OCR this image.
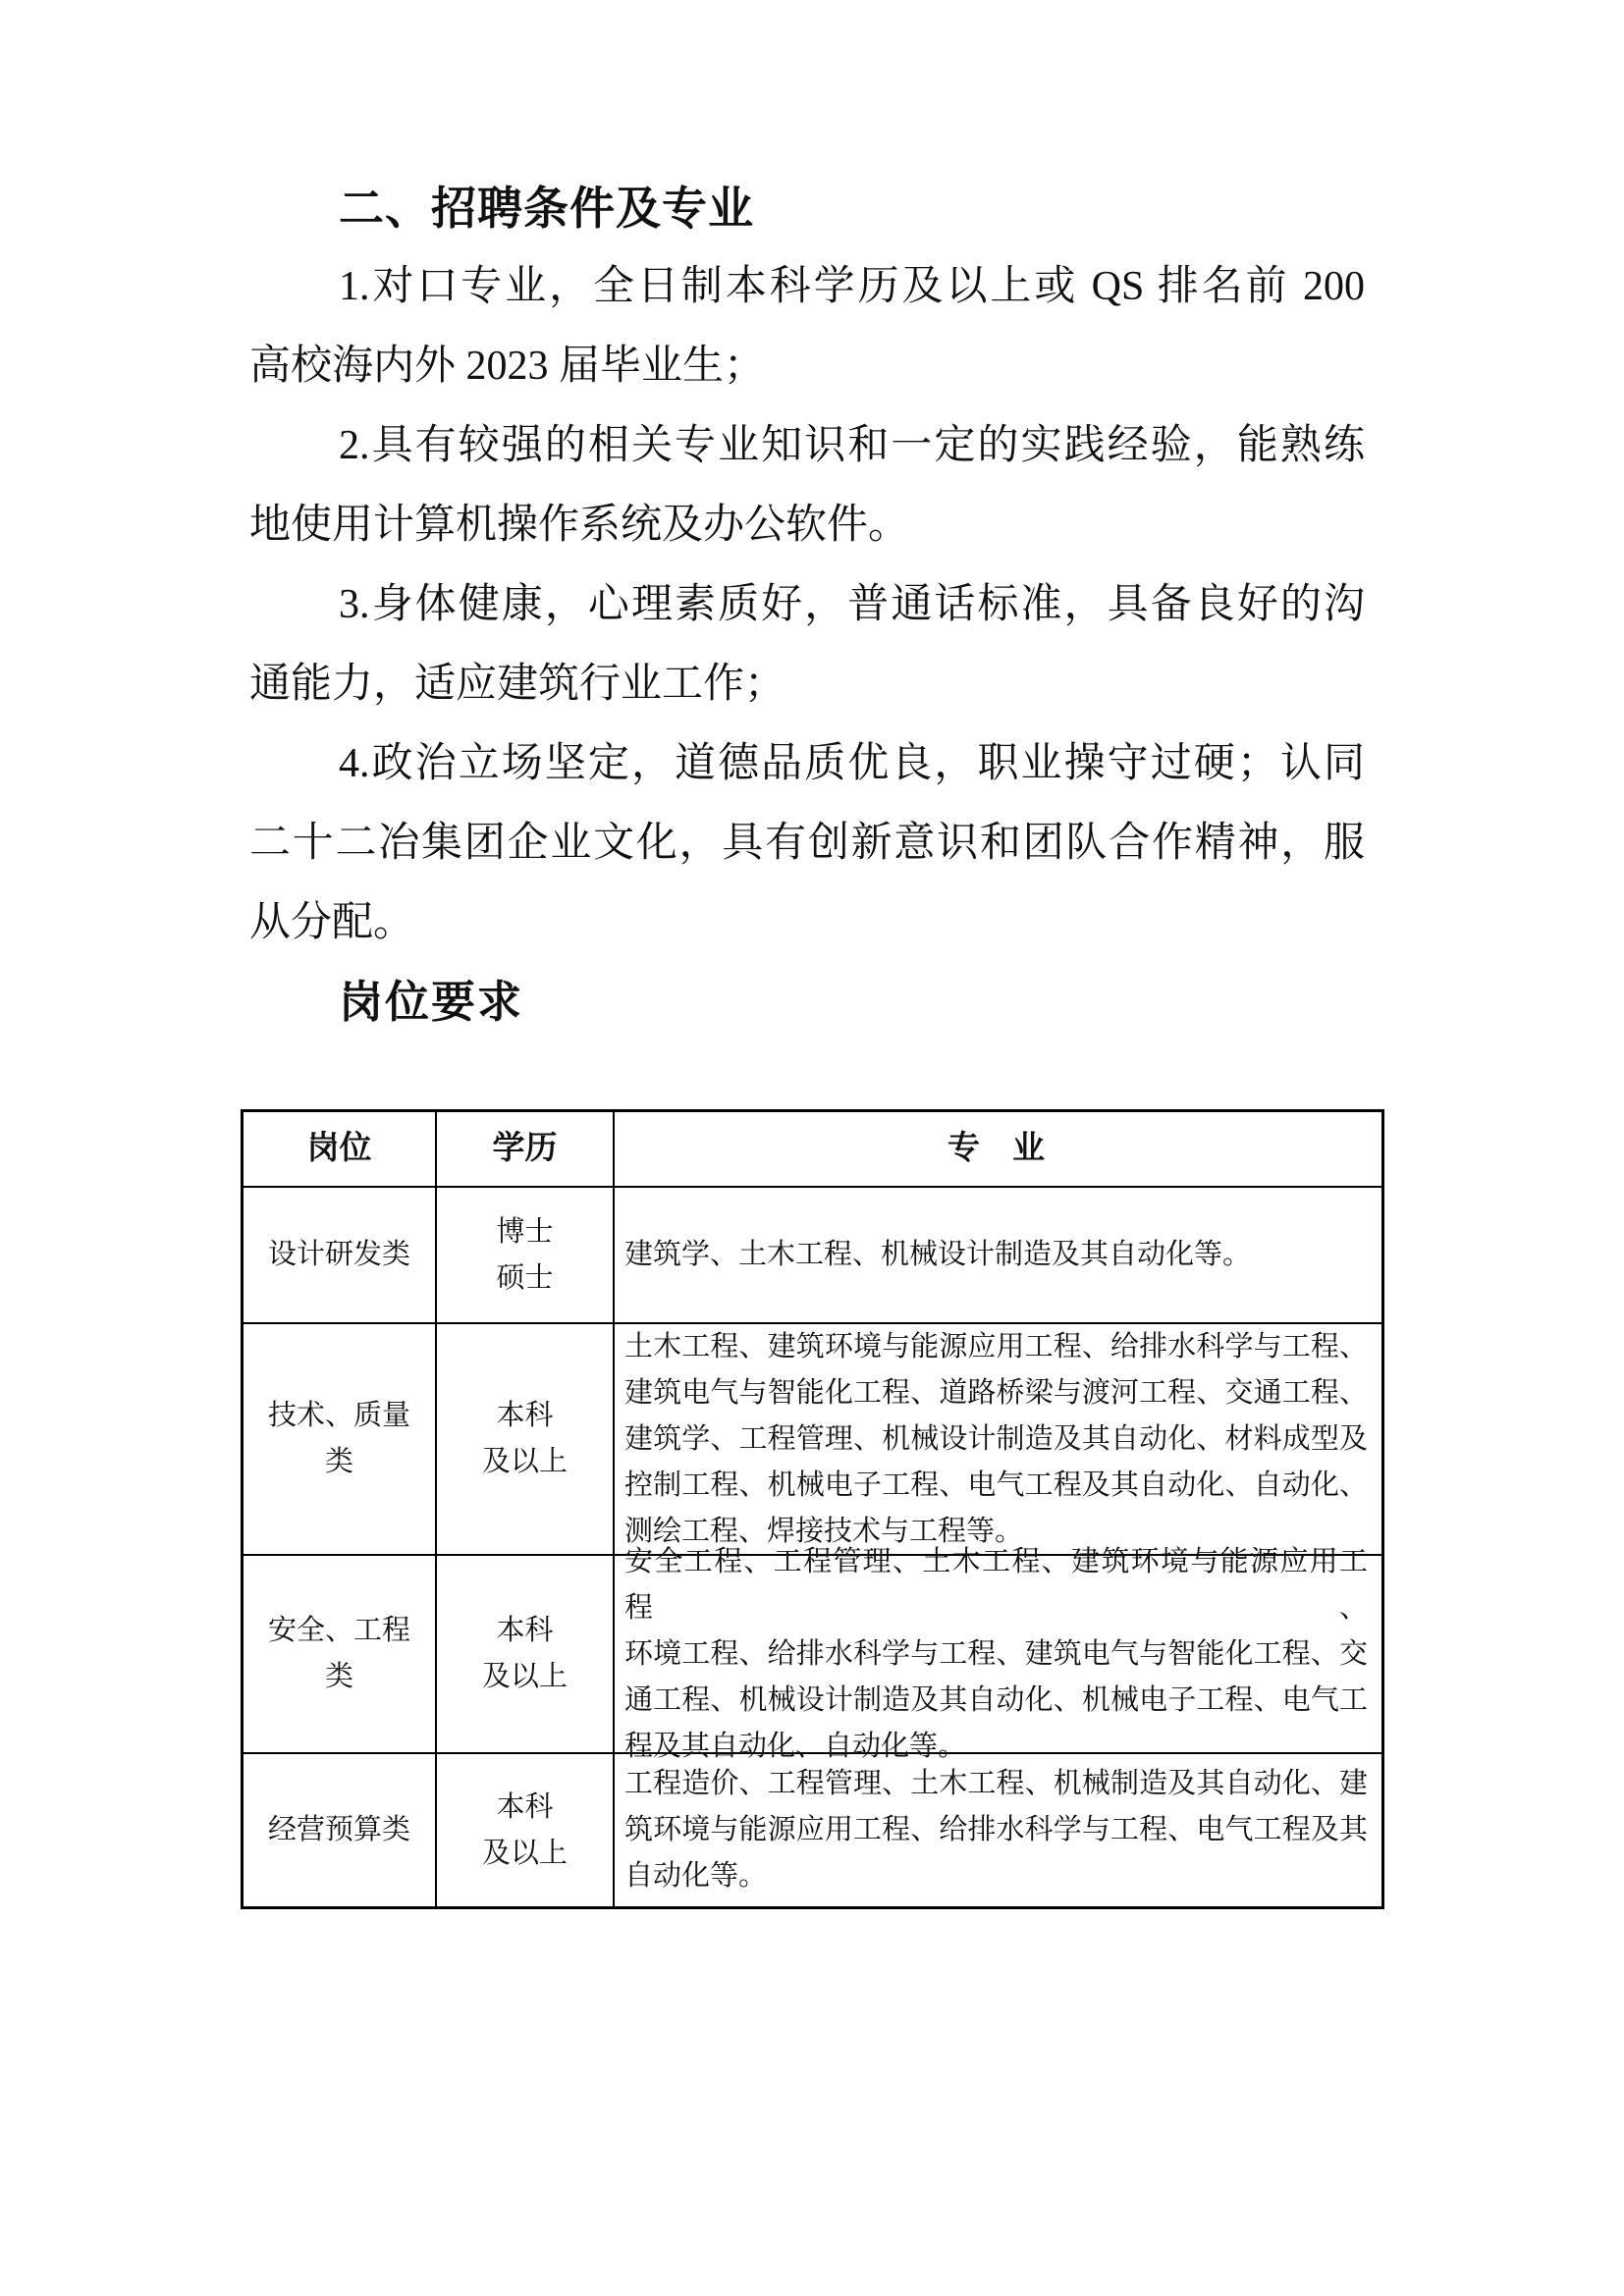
二、招聘条件及专业
1.对口专业，全日制本科学历及以上或 QS 排名前 200
高校海内外 2023 届毕业生；
2.具有较强的相关专业知识和一定的实践经验，能熟练
地使用计算机操作系统及办公软件。
3.身体健康，心理素质好，普通话标准，具备良好的沟
通能力，适应建筑行业工作；
4.政治立场坚定，道德品质优良，职业操守过硬；认同
二十二冶集团企业文化，具有创新意识和团队合作精神，服
从分配。
岗位要求
岗位	学历	专　业
设计研发类
博士
硕士
建筑学、土木工程、机械设计制造及其自动化等。
技术、质量
类
本科
及以上
土木工程、建筑环境与能源应用工程、给排水科学与工程、
建筑电气与智能化工程、道路桥梁与渡河工程、交通工程、
建筑学、工程管理、机械设计制造及其自动化、材料成型及
控制工程、机械电子工程、电气工程及其自动化、自动化、
测绘工程、焊接技术与工程等。
安全、工程
类
本科
及以上
安全工程、工程管理、土木工程、建筑环境与能源应用工程、
环境工程、给排水科学与工程、建筑电气与智能化工程、交
通工程、机械设计制造及其自动化、机械电子工程、电气工
程及其自动化、自动化等。
经营预算类
本科
及以上
工程造价、工程管理、土木工程、机械制造及其自动化、建
筑环境与能源应用工程、给排水科学与工程、电气工程及其
自动化等。
